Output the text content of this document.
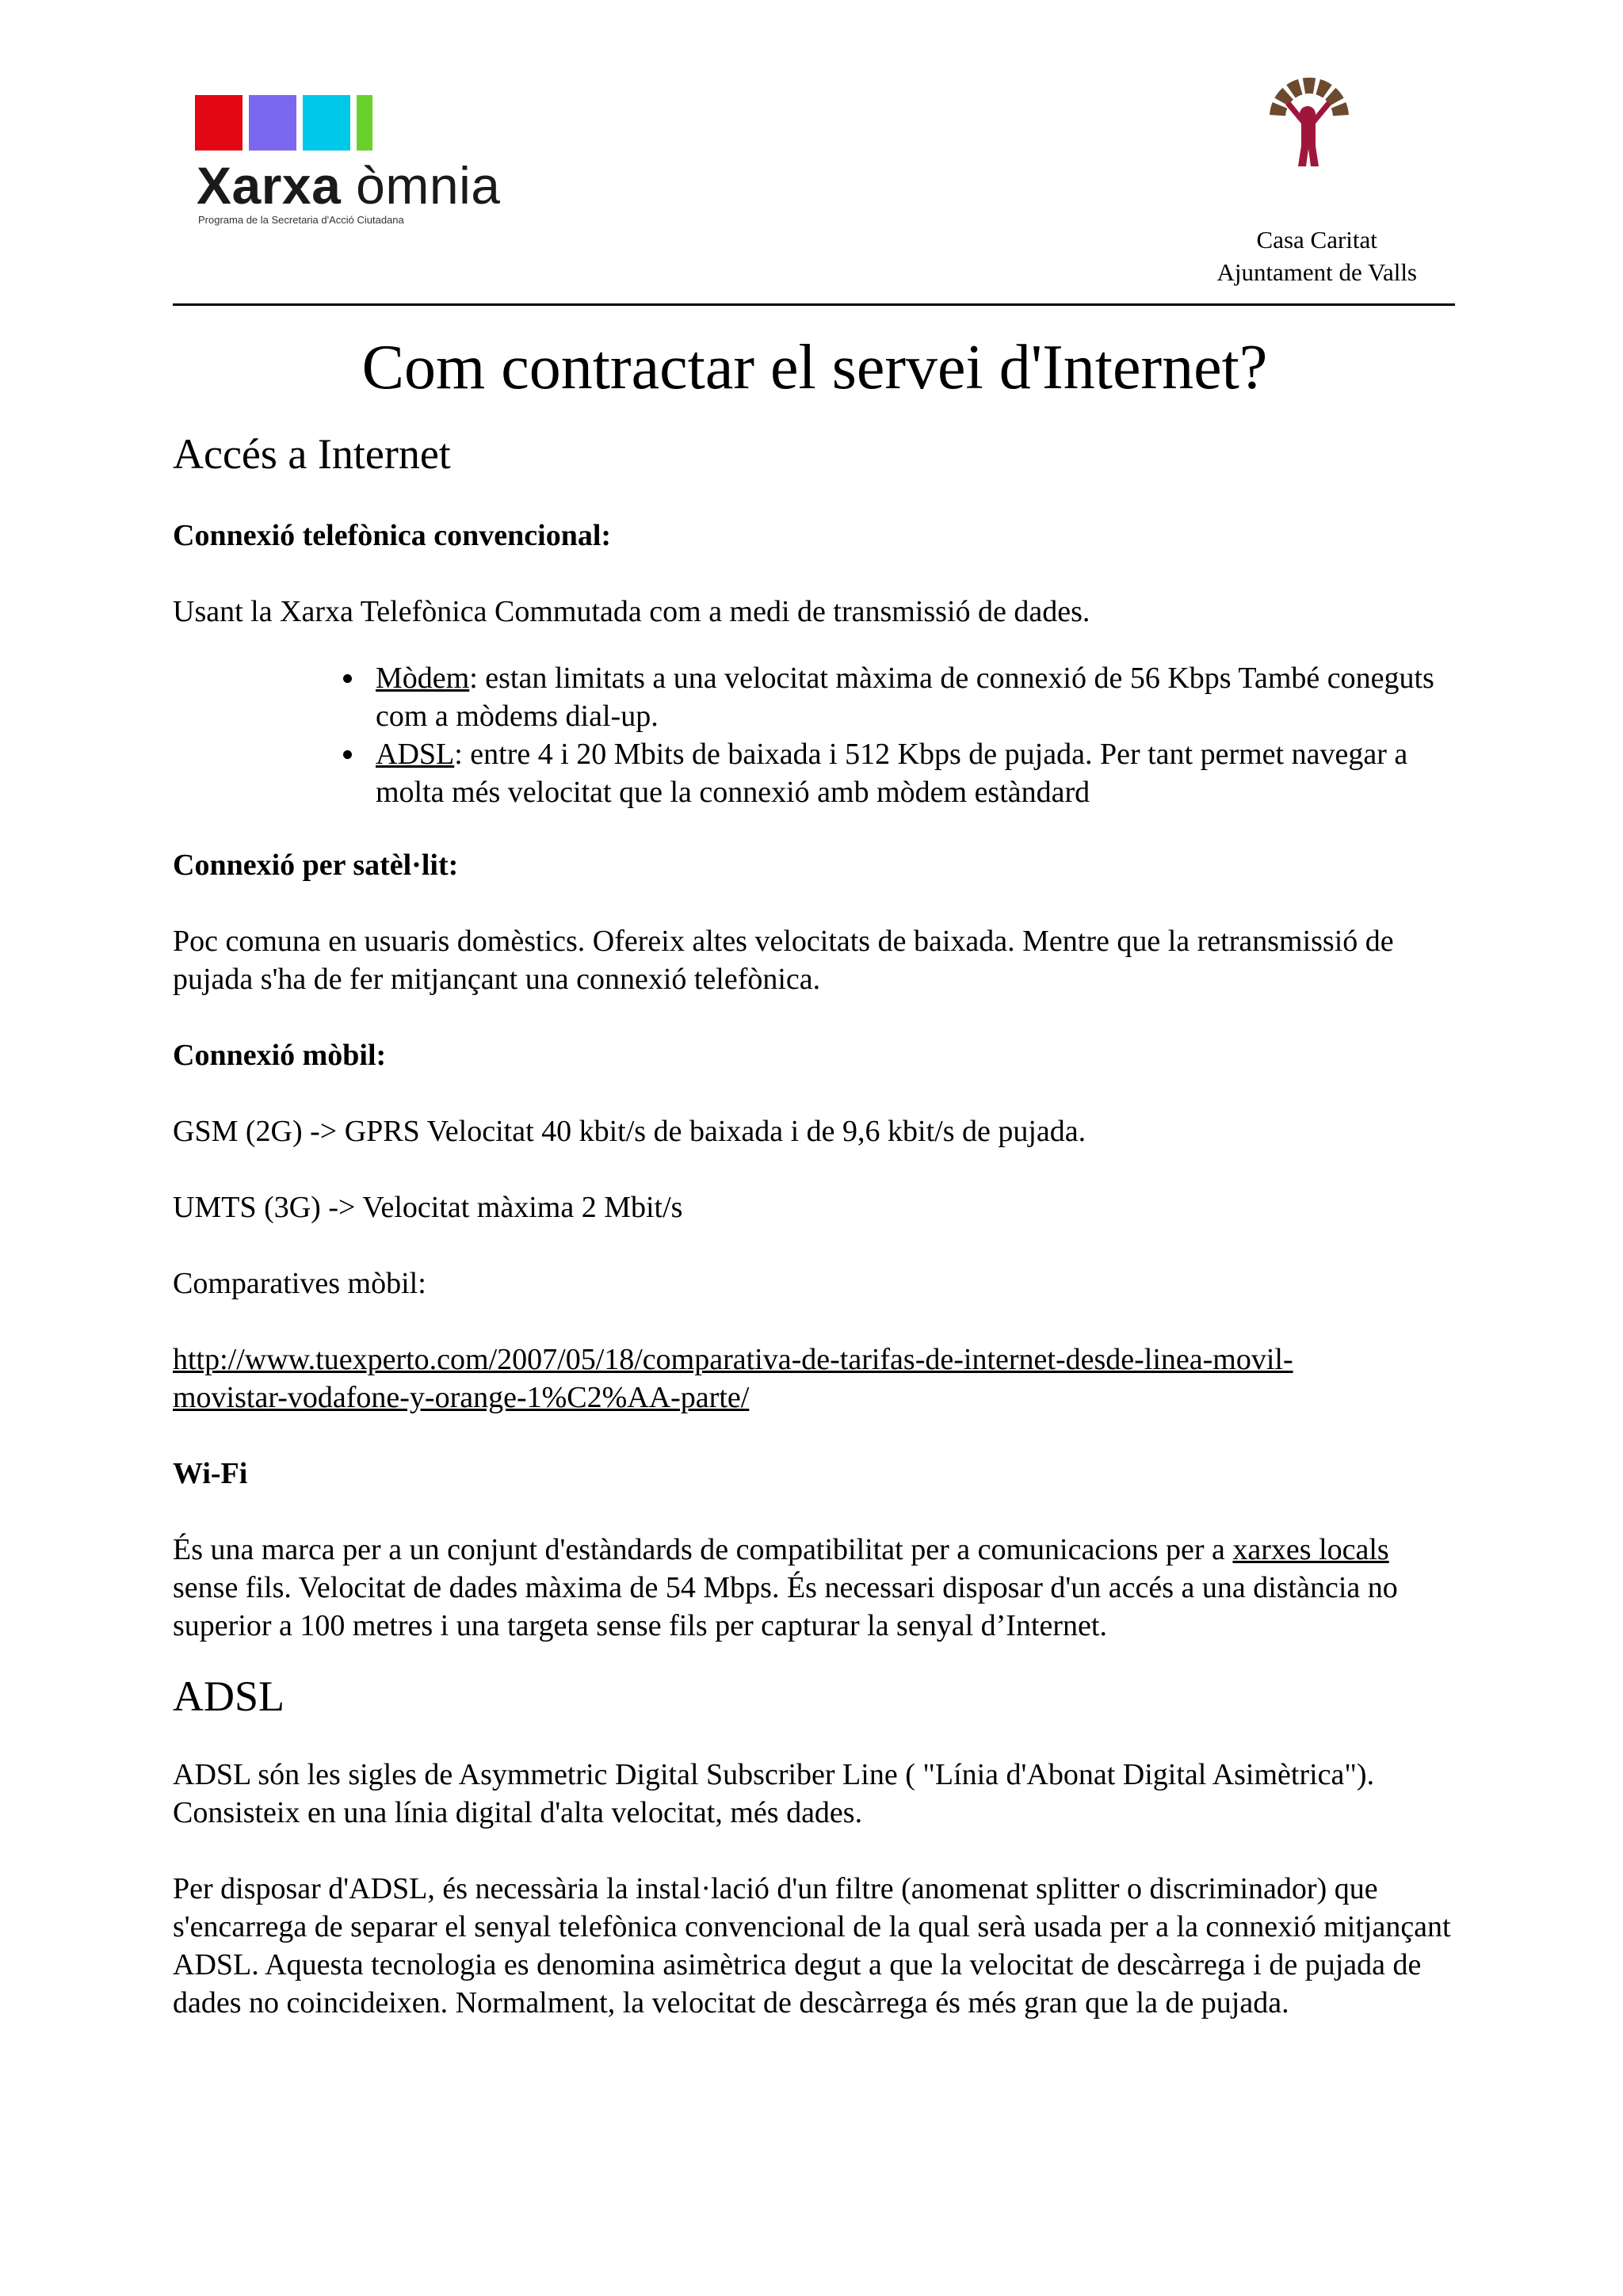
Xarxa òmnia
Programa de la Secretaria d'Acció Ciutadana
Casa Caritat
Ajuntament de Valls
Com contractar el servei d'Internet?
Accés a Internet
Connexió telefònica convencional:

Usant la Xarxa Telefònica Commutada com a medi de transmissió de dades.

• Mòdem: estan limitats a una velocitat màxima de connexió de 56 Kbps També coneguts com a mòdems dial-up.
• ADSL: entre 4 i 20 Mbits de baixada i 512 Kbps de pujada. Per tant permet navegar a molta més velocitat que la connexió amb mòdem estàndard
Connexió per satèl·lit:

Poc comuna en usuaris domèstics. Ofereix altes velocitats de baixada. Mentre que la retransmissió de pujada s'ha de fer mitjançant una connexió telefònica.

Connexió mòbil:

GSM (2G) -> GPRS Velocitat 40 kbit/s de baixada i de 9,6 kbit/s de pujada.

UMTS (3G) -> Velocitat màxima 2 Mbit/s

Comparatives mòbil:

http://www.tuexperto.com/2007/05/18/comparativa-de-tarifas-de-internet-desde-linea-movil-
movistar-vodafone-y-orange-1%C2%AA-parte/

Wi-Fi

És una marca per a un conjunt d'estàndards de compatibilitat per a comunicacions per a xarxes locals sense fils. Velocitat de dades màxima de 54 Mbps. És necessari disposar d'un accés a una distància no superior a 100 metres i una targeta sense fils per capturar la senyal d’Internet.

ADSL

ADSL són les sigles de Asymmetric Digital Subscriber Line ( "Línia d'Abonat Digital Asimètrica"). Consisteix en una línia digital d'alta velocitat, més dades.

Per disposar d'ADSL, és necessària la instal·lació d'un filtre (anomenat splitter o discriminador) que s'encarrega de separar el senyal telefònica convencional de la qual serà usada per a la connexió mitjançant ADSL. Aquesta tecnologia es denomina asimètrica degut a que la velocitat de descàrrega i de pujada de dades no coincideixen. Normalment, la velocitat de descàrrega és més gran que la de pujada.
